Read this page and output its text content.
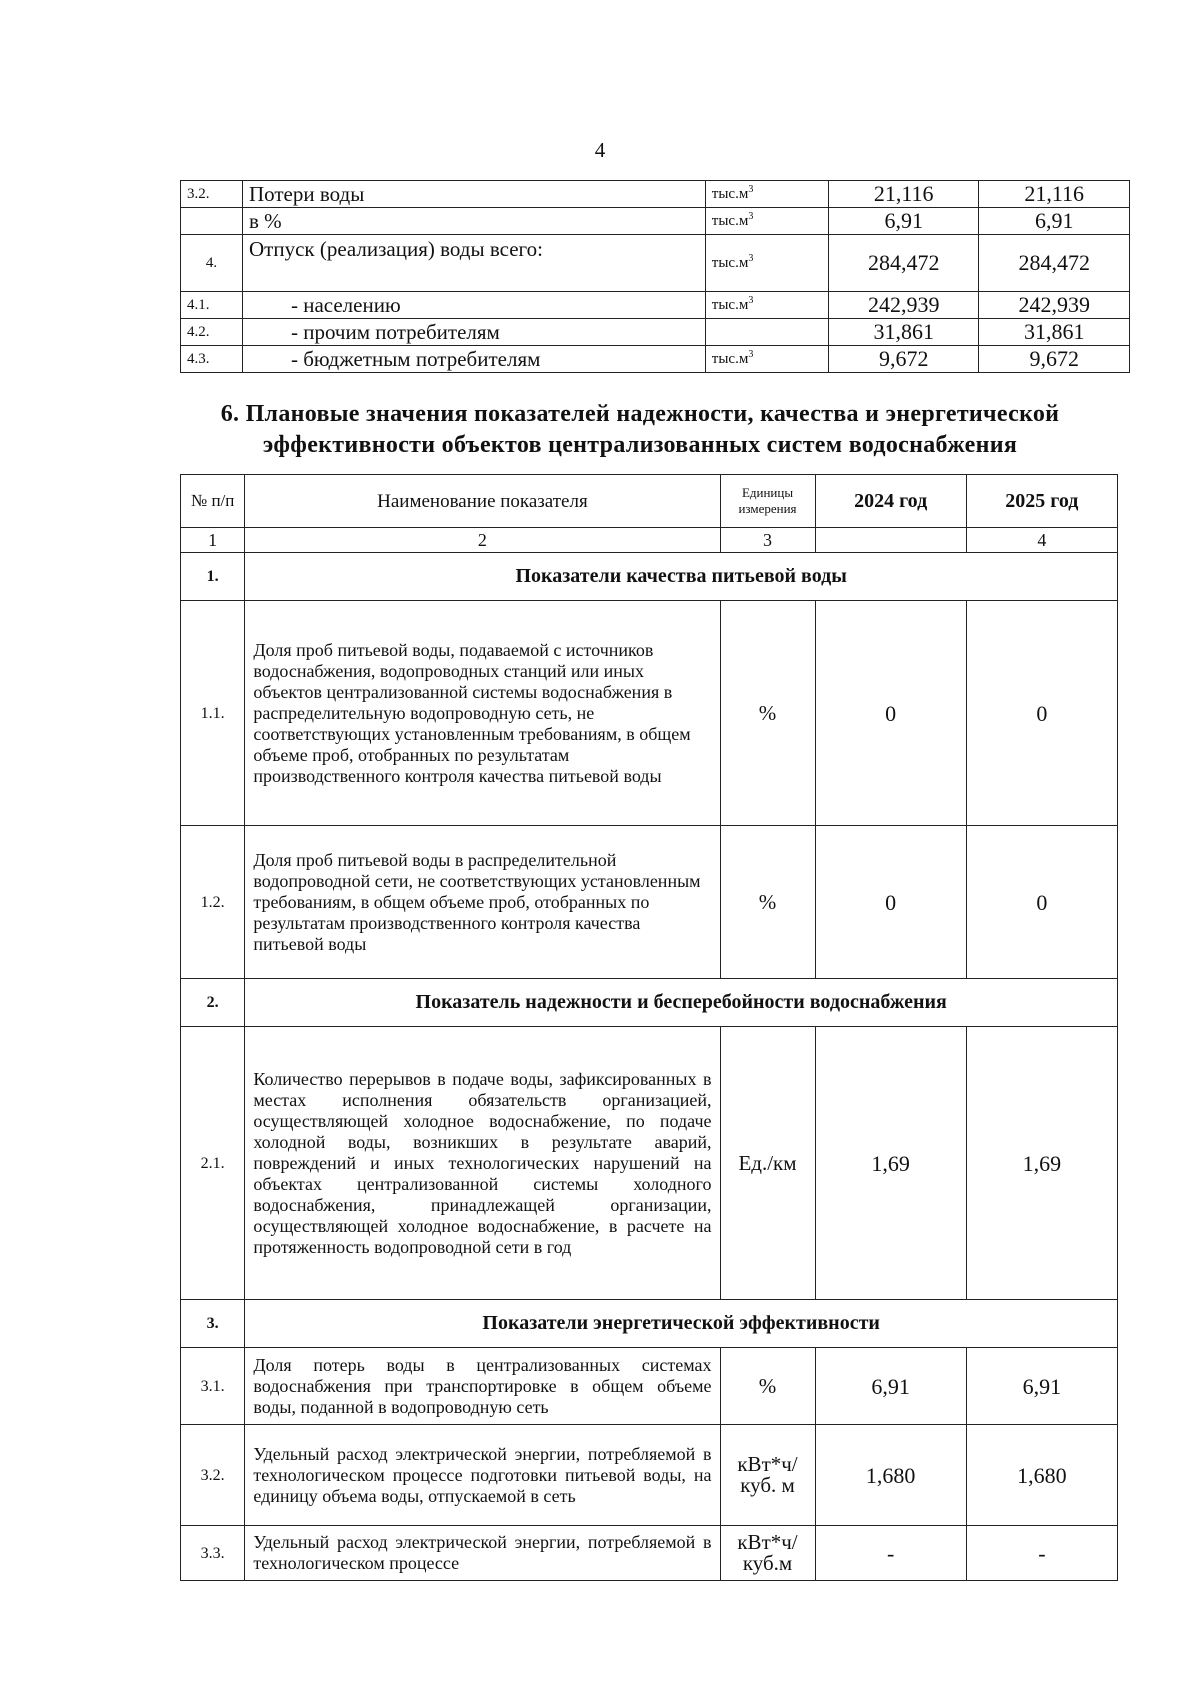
4
3.2.	Потери воды	$тыс.м^3$	21,116	21,116
	в %	$тыс.м^3$	6,91	6,91
4.	Отпуск (реализация) воды всего:	$тыс.м^3$	284,472	284,472
4.1.	- населению	$тыс.м^3$	242,939	242,939
4.2.	- прочим потребителям		31,861	31,861
4.3.	- бюджетным потребителям	$тыс.м^3$	9,672	9,672
6. Плановые значения показателей надежности, качества и энергетической
эффективности объектов централизованных систем водоснабжения
№ п/п	Наименование показателя	Единицы измерения	2024 год	2025 год
1	2	3		4
1.	Показатели качества питьевой воды			
1.1.	Доля проб питьевой воды, подаваемой с источников водоснабжения, водопроводных станций или иных объектов централизованной системы водоснабжения в распределительную водопроводную сеть, не соответствующих установленным требованиям, в общем объеме проб, отобранных по результатам производственного контроля качества питьевой воды	%	0	0
1.2.	Доля проб питьевой воды в распределительной водопроводной сети, не соответствующих установленным требованиям, в общем объеме проб, отобранных по результатам производственного контроля качества питьевой воды	%	0	0
2.	Показатель надежности и бесперебойности водоснабжения			
2.1.	Количество перерывов в подаче воды, зафиксированных в местах исполнения обязательств организацией, осуществляющей холодное водоснабжение, по подаче холодной воды, возникших в результате аварий, повреждений и иных технологических нарушений на объектах централизованной системы холодного водоснабжения, принадлежащей организации, осуществляющей холодное водоснабжение, в расчете на протяженность водопроводной сети в год	Ед./км	1,69	1,69
3.	Показатели энергетической эффективности			
3.1.	Доля потерь воды в централизованных системах водоснабжения при транспортировке в общем объеме воды, поданной в водопроводную сеть	%	6,91	6,91
3.2.	Удельный расход электрической энергии, потребляемой в технологическом процессе подготовки питьевой воды, на единицу объема воды, отпускаемой в сеть	кВт*ч/ куб. м	1,680	1,680
3.3.	Удельный расход электрической энергии, потребляемой в технологическом процессе	кВт*ч/ куб.м	-	-
